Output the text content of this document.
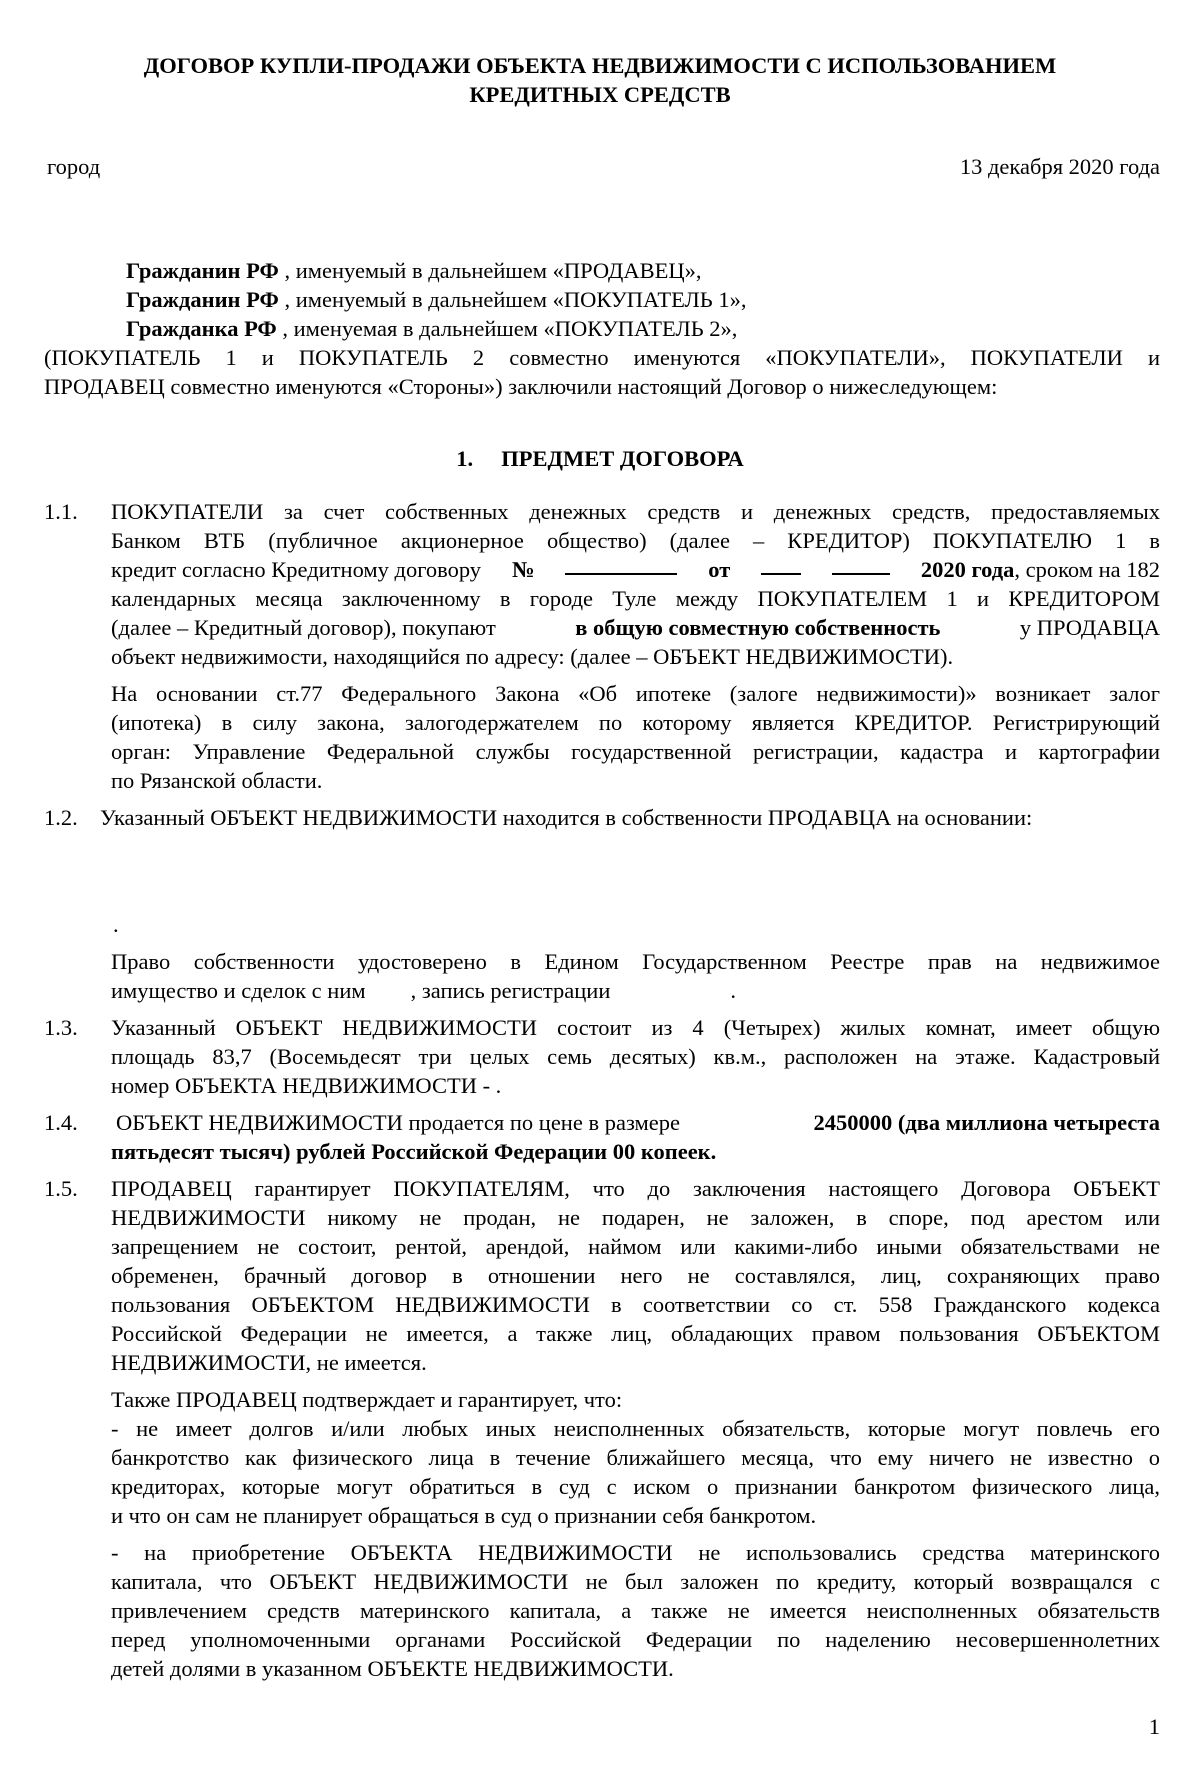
ДОГОВОР КУПЛИ-ПРОДАЖИ ОБЪЕКТА НЕДВИЖИМОСТИ С ИСПОЛЬЗОВАНИЕМ
КРЕДИТНЫХ СРЕДСТВ
город	13 декабря 2020 года
Гражданин РФ , именуемый в дальнейшем «ПРОДАВЕЦ»,
Гражданин РФ , именуемый в дальнейшем «ПОКУПАТЕЛЬ 1»,
Гражданка РФ , именуемая в дальнейшем «ПОКУПАТЕЛЬ 2»,
(ПОКУПАТЕЛЬ 1 и ПОКУПАТЕЛЬ 2 совместно именуются «ПОКУПАТЕЛИ», ПОКУПАТЕЛИ и
ПРОДАВЕЦ совместно именуются «Стороны») заключили настоящий Договор о нижеследующем:
1. ПРЕДМЕТ ДОГОВОРА
1.1. ПОКУПАТЕЛИ за счет собственных денежных средств и денежных средств, предоставляемых
Банком ВТБ (публичное акционерное общество) (далее – КРЕДИТОР) ПОКУПАТЕЛЮ 1 в
кредит согласно Кредитному договору №	от	2020 года, сроком на 182
календарных месяца заключенному в городе Туле между ПОКУПАТЕЛЕМ 1 и КРЕДИТОРОМ
(далее – Кредитный договор), покупают	в общую совместную собственность	у ПРОДАВЦА
объект недвижимости, находящийся по адресу: (далее – ОБЪЕКТ НЕДВИЖИМОСТИ).
На основании ст.77 Федерального Закона «Об ипотеке (залоге недвижимости)» возникает залог
(ипотека) в силу закона, залогодержателем по которому является КРЕДИТОР. Регистрирующий
орган: Управление Федеральной службы государственной регистрации, кадастра и картографии
по Рязанской области.
1.2. Указанный ОБЪЕКТ НЕДВИЖИМОСТИ находится в собственности ПРОДАВЦА на основании:
.
Право собственности удостоверено в Едином Государственном Реестре прав на недвижимое
имущество и сделок с ним , запись регистрации	.
1.3. Указанный ОБЪЕКТ НЕДВИЖИМОСТИ состоит из 4 (Четырех) жилых комнат, имеет общую
площадь 83,7 (Восемьдесят три целых семь десятых) кв.м., расположен на этаже. Кадастровый
номер ОБЪЕКТА НЕДВИЖИМОСТИ - .
1.4. ОБЪЕКТ НЕДВИЖИМОСТИ продается по цене в размере	2450000 (два миллиона четыреста
пятьдесят тысяч) рублей Российской Федерации 00 копеек.
1.5. ПРОДАВЕЦ гарантирует ПОКУПАТЕЛЯМ, что до заключения настоящего Договора ОБЪЕКТ
НЕДВИЖИМОСТИ никому не продан, не подарен, не заложен, в споре, под арестом или
запрещением не состоит, рентой, арендой, наймом или какими-либо иными обязательствами не
обременен, брачный договор в отношении него не составлялся, лиц, сохраняющих право
пользования ОБЪЕКТОМ НЕДВИЖИМОСТИ в соответствии со ст. 558 Гражданского кодекса
Российской Федерации не имеется, а также лиц, обладающих правом пользования ОБЪЕКТОМ
НЕДВИЖИМОСТИ, не имеется.
Также ПРОДАВЕЦ подтверждает и гарантирует, что:
- не имеет долгов и/или любых иных неисполненных обязательств, которые могут повлечь его
банкротство как физического лица в течение ближайшего месяца, что ему ничего не известно о
кредиторах, которые могут обратиться в суд с иском о признании банкротом физического лица,
и что он сам не планирует обращаться в суд о признании себя банкротом.
- на приобретение ОБЪЕКТА НЕДВИЖИМОСТИ не использовались средства материнского
капитала, что ОБЪЕКТ НЕДВИЖИМОСТИ не был заложен по кредиту, который возвращался с
привлечением средств материнского капитала, а также не имеется неисполненных обязательств
перед уполномоченными органами Российской Федерации по наделению несовершеннолетних
детей долями в указанном ОБЪЕКТЕ НЕДВИЖИМОСТИ.
1
